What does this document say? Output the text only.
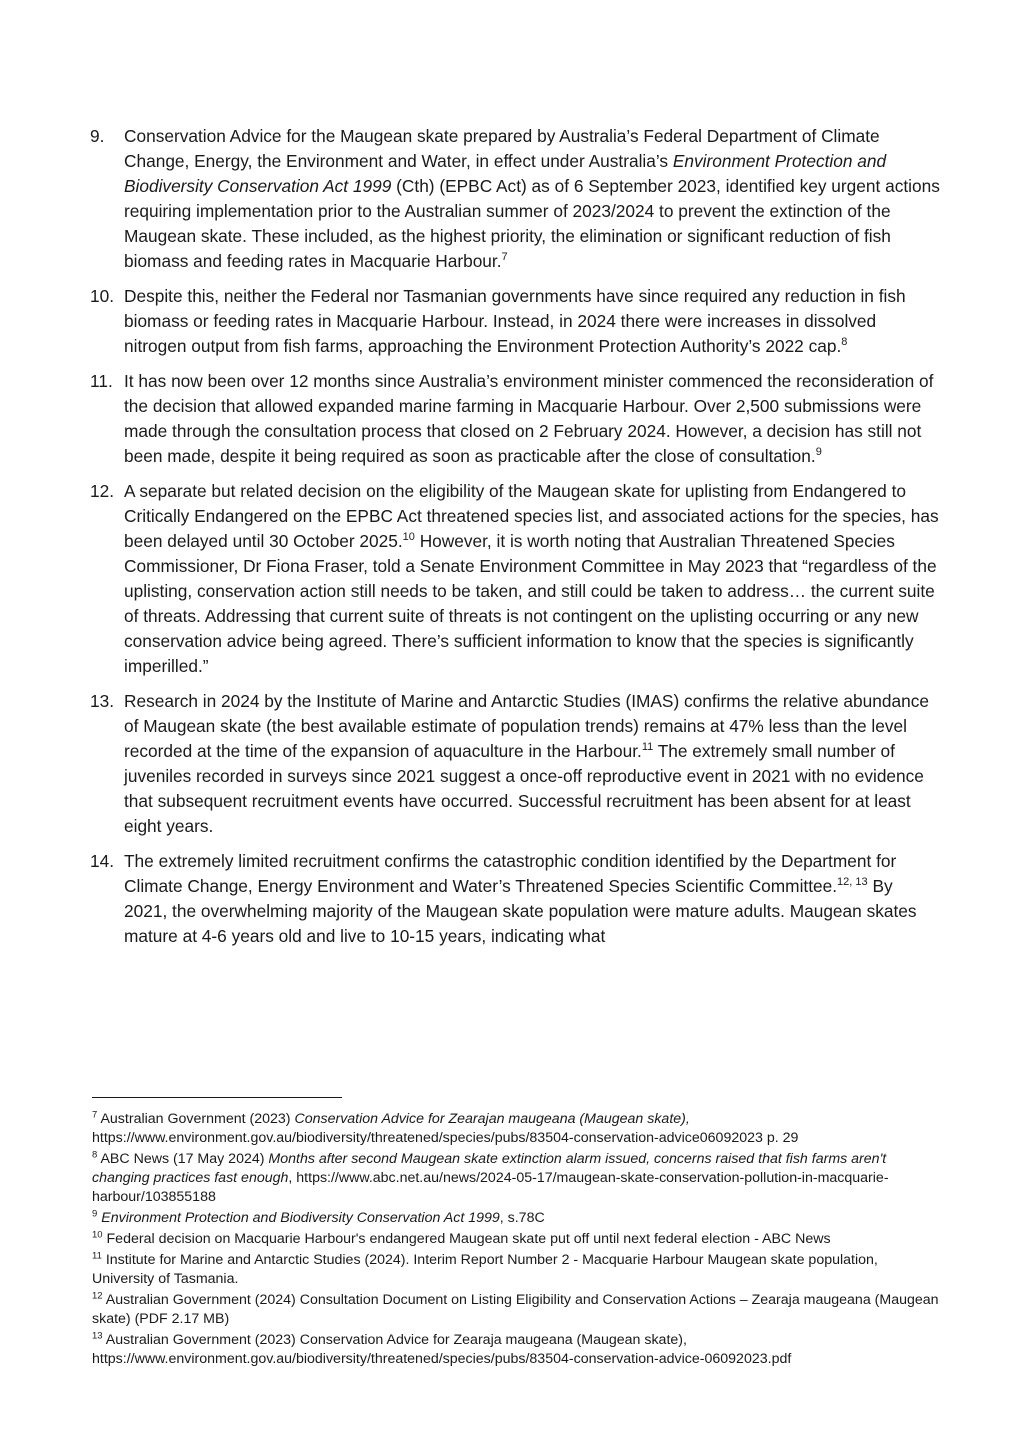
9. Conservation Advice for the Maugean skate prepared by Australia’s Federal Department of Climate Change, Energy, the Environment and Water, in effect under Australia’s Environment Protection and Biodiversity Conservation Act 1999 (Cth) (EPBC Act) as of 6 September 2023, identified key urgent actions requiring implementation prior to the Australian summer of 2023/2024 to prevent the extinction of the Maugean skate. These included, as the highest priority, the elimination or significant reduction of fish biomass and feeding rates in Macquarie Harbour.$^7$
10. Despite this, neither the Federal nor Tasmanian governments have since required any reduction in fish biomass or feeding rates in Macquarie Harbour. Instead, in 2024 there were increases in dissolved nitrogen output from fish farms, approaching the Environment Protection Authority’s 2022 cap.$^8$
11. It has now been over 12 months since Australia’s environment minister commenced the reconsideration of the decision that allowed expanded marine farming in Macquarie Harbour. Over 2,500 submissions were made through the consultation process that closed on 2 February 2024. However, a decision has still not been made, despite it being required as soon as practicable after the close of consultation.$^9$
12. A separate but related decision on the eligibility of the Maugean skate for uplisting from Endangered to Critically Endangered on the EPBC Act threatened species list, and associated actions for the species, has been delayed until 30 October 2025.10 However, it is worth noting that Australian Threatened Species Commissioner, Dr Fiona Fraser, told a Senate Environment Committee in May 2023 that “regardless of the uplisting, conservation action still needs to be taken, and still could be taken to address… the current suite of threats. Addressing that current suite of threats is not contingent on the uplisting occurring or any new conservation advice being agreed. There’s sufficient information to know that the species is significantly imperilled.”
13. Research in 2024 by the Institute of Marine and Antarctic Studies (IMAS) confirms the relative abundance of Maugean skate (the best available estimate of population trends) remains at 47% less than the level recorded at the time of the expansion of aquaculture in the Harbour.$^{11}$ The extremely small number of juveniles recorded in surveys since 2021 suggest a once-off reproductive event in 2021 with no evidence that subsequent recruitment events have occurred. Successful recruitment has been absent for at least eight years.
14. The extremely limited recruitment confirms the catastrophic condition identified by the Department for Climate Change, Energy Environment and Water’s Threatened Species Scientific Committee.$^{12, 13}$ By 2021, the overwhelming majority of the Maugean skate population were mature adults. Maugean skates mature at 4-6 years old and live to 10-15 years, indicating what
$^7$ Australian Government (2023) Conservation Advice for Zearajan maugeana (Maugean skate), https://www.environment.gov.au/biodiversity/threatened/species/pubs/83504-conservation-advice06092023 p. 29
$^8$ ABC News (17 May 2024) Months after second Maugean skate extinction alarm issued, concerns raised that fish farms aren't changing practices fast enough, https://www.abc.net.au/news/2024-05-17/maugean-skate-conservation-pollution-in-macquarie-harbour/103855188
$^9$ Environment Protection and Biodiversity Conservation Act 1999, s.78C
$^{10}$ Federal decision on Macquarie Harbour's endangered Maugean skate put off until next federal election - ABC News
$^{11}$ Institute for Marine and Antarctic Studies (2024). Interim Report Number 2 - Macquarie Harbour Maugean skate population, University of Tasmania.
$^{12}$ Australian Government (2024) Consultation Document on Listing Eligibility and Conservation Actions – Zearaja maugeana (Maugean skate) (PDF 2.17 MB)
$^{13}$ Australian Government (2023) Conservation Advice for Zearaja maugeana (Maugean skate), https://www.environment.gov.au/biodiversity/threatened/species/pubs/83504-conservation-advice-06092023.pdf
